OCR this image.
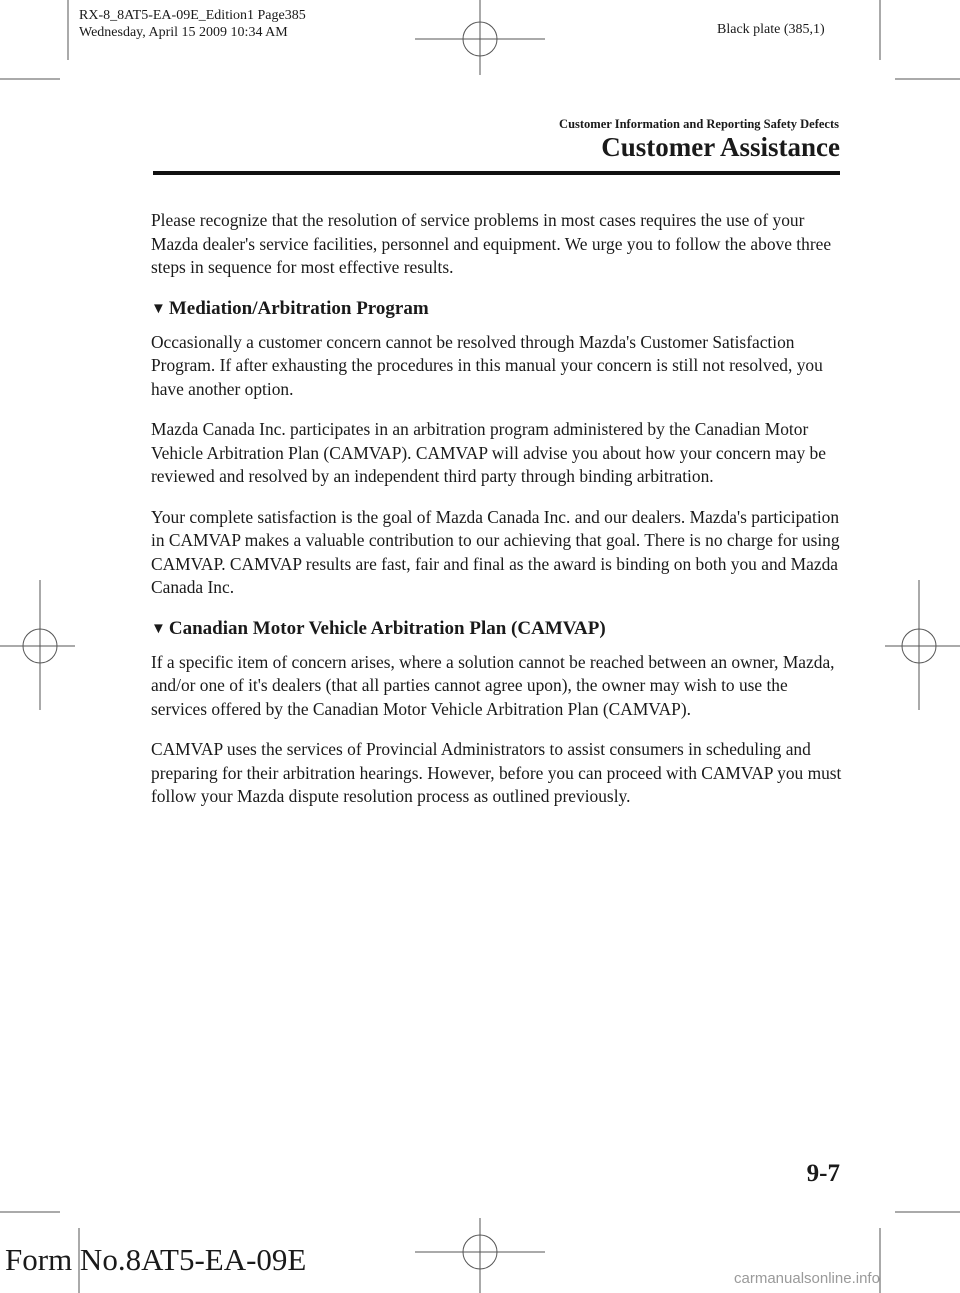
RX-8_8AT5-EA-09E_Edition1 Page385
Wednesday, April 15 2009 10:34 AM	Black plate (385,1)
Customer Information and Reporting Safety Defects
Customer Assistance

Please recognize that the resolution of service problems in most cases requires the use of your Mazda dealer's service facilities, personnel and equipment. We urge you to follow the above three steps in sequence for most effective results.

▼ Mediation/Arbitration Program

Occasionally a customer concern cannot be resolved through Mazda's Customer Satisfaction Program. If after exhausting the procedures in this manual your concern is still not resolved, you have another option.

Mazda Canada Inc. participates in an arbitration program administered by the Canadian Motor Vehicle Arbitration Plan (CAMVAP). CAMVAP will advise you about how your concern may be reviewed and resolved by an independent third party through binding arbitration.

Your complete satisfaction is the goal of Mazda Canada Inc. and our dealers. Mazda's participation in CAMVAP makes a valuable contribution to our achieving that goal. There is no charge for using CAMVAP. CAMVAP results are fast, fair and final as the award is binding on both you and Mazda Canada Inc.

▼ Canadian Motor Vehicle Arbitration Plan (CAMVAP)

If a specific item of concern arises, where a solution cannot be reached between an owner, Mazda, and/or one of it's dealers (that all parties cannot agree upon), the owner may wish to use the services offered by the Canadian Motor Vehicle Arbitration Plan (CAMVAP).

CAMVAP uses the services of Provincial Administrators to assist consumers in scheduling and preparing for their arbitration hearings. However, before you can proceed with CAMVAP you must follow your Mazda dispute resolution process as outlined previously.

9-7
Form No.8AT5-EA-09E
carmanualsonline.info
